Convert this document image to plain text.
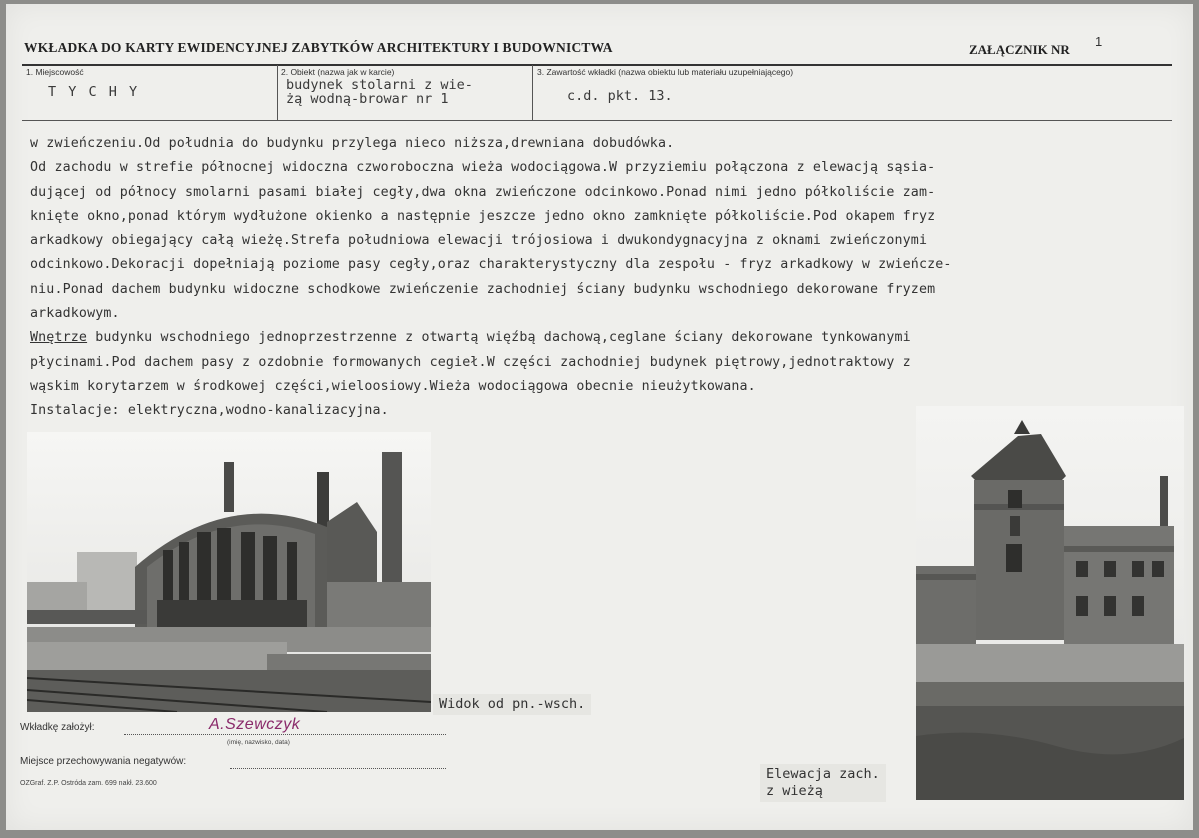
WKŁADKA DO KARTY EWIDENCYJNEJ ZABYTKÓW ARCHITEKTURY I BUDOWNICTWA	ZAŁĄCZNIK NR
1
1. Miejscowość
T Y C H Y
2. Obiekt (nazwa jak w karcie)
budynek stolarni z wie-
żą wodną-browar nr 1
3. Zawartość wkładki (nazwa obiektu lub materiału uzupełniającego)
c.d. pkt. 13.
w zwieńczeniu.Od południa do budynku przylega nieco niższa,drewniana dobudówka.
Od zachodu w strefie północnej widoczna czworoboczna wieża wodociągowa.W przyziemiu połączona z elewacją sąsia-
dującej od północy smolarni pasami białej cegły,dwa okna zwieńczone odcinkowo.Ponad nimi jedno półkoliście zam-
knięte okno,ponad którym wydłużone okienko a następnie jeszcze jedno okno zamknięte półkoliście.Pod okapem fryz
arkadkowy obiegający całą wieżę.Strefa południowa elewacji trójosiowa i dwukondygnacyjna z oknami zwieńczonymi
odcinkowo.Dekoracji dopełniają poziome pasy cegły,oraz charakterystyczny dla zespołu - fryz arkadkowy w zwieńcze-
niu.Ponad dachem budynku widoczne schodkowe zwieńczenie zachodniej ściany budynku wschodniego dekorowane fryzem
arkadkowym.
Wnętrze budynku wschodniego jednoprzestrzenne z otwartą więźbą dachową,ceglane ściany dekorowane tynkowanymi
płycinami.Pod dachem pasy z ozdobnie formowanych cegieł.W części zachodniej budynek piętrowy,jednotraktowy z
wąskim korytarzem w środkowej części,wieloosiowy.Wieża wodociągowa obecnie nieużytkowana.
Instalacje: elektryczna,wodno-kanalizacyjna.
Widok od pn.-wsch.
Elewacja zach.
z wieżą
Wkładkę założył:	A.Szewczyk
(imię, nazwisko, data)
Miejsce przechowywania negatywów:
OZGraf. Z.P. Ostróda zam. 699 nakł. 23.600
